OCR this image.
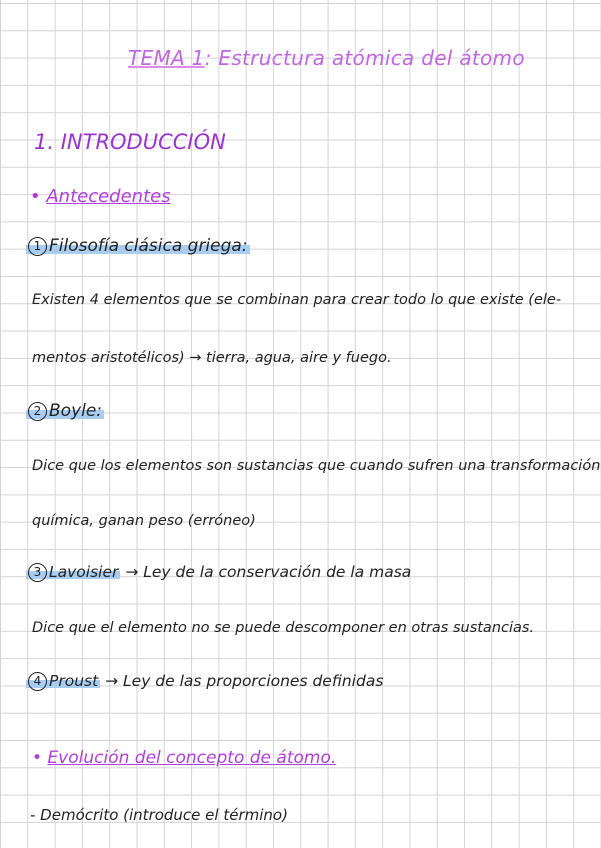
TEMA 1: Estructura atómica del átomo
1. INTRODUCCIÓN
• Antecedentes
1 Filosofía clásica griega:
Existen 4 elementos que se combinan para crear todo lo que existe (ele-
mentos aristotélicos) → tierra, agua, aire y fuego.
2 Boyle:
Dice que los elementos son sustancias que cuando sufren una transformación
química, ganan peso (erróneo)
3 Lavoisier → Ley de la conservación de la masa
Dice que el elemento no se puede descomponer en otras sustancias.
4 Proust → Ley de las proporciones definidas
• Evolución del concepto de átomo.
- Demócrito (introduce el término)
